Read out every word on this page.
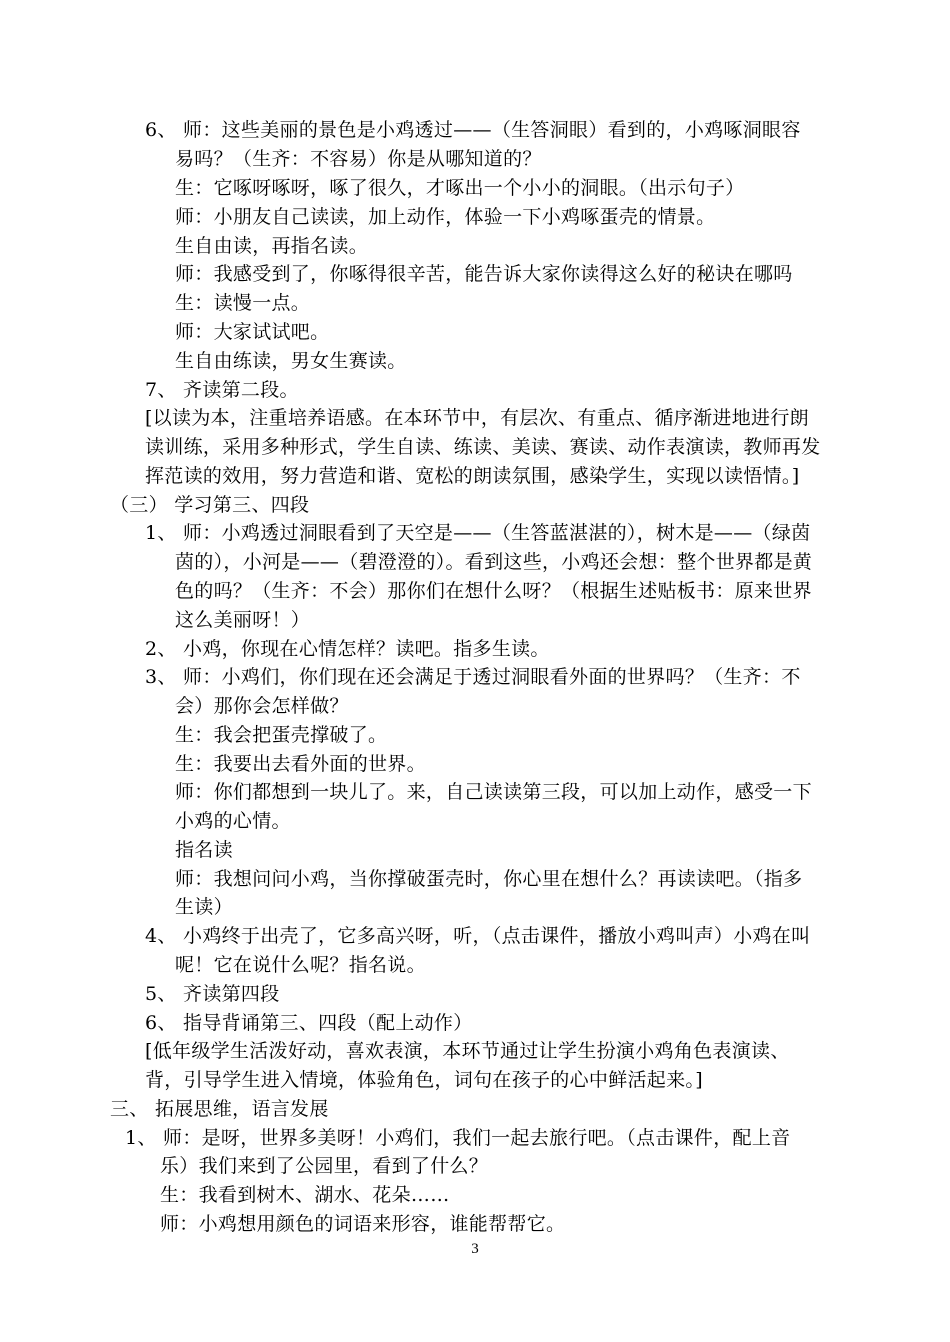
6、 师：这些美丽的景色是小鸡透过——（生答洞眼）看到的，小鸡啄洞眼容
易吗？（生齐：不容易）你是从哪知道的？
生：它啄呀啄呀，啄了很久，才啄出一个小小的洞眼。（出示句子）
师：小朋友自己读读，加上动作，体验一下小鸡啄蛋壳的情景。
生自由读，再指名读。
师：我感受到了，你啄得很辛苦，能告诉大家你读得这么好的秘诀在哪吗
生：读慢一点。
师：大家试试吧。
生自由练读，男女生赛读。
7、 齐读第二段。
[以读为本，注重培养语感。在本环节中，有层次、有重点、循序渐进地进行朗
读训练，采用多种形式，学生自读、练读、美读、赛读、动作表演读，教师再发
挥范读的效用，努力营造和谐、宽松的朗读氛围，感染学生，实现以读悟情。]
（三） 学习第三、四段
1、 师：小鸡透过洞眼看到了天空是——（生答蓝湛湛的），树木是——（绿茵
茵的），小河是——（碧澄澄的）。看到这些，小鸡还会想：整个世界都是黄
色的吗？（生齐：不会）那你们在想什么呀？（根据生述贴板书：原来世界
这么美丽呀！）
2、 小鸡，你现在心情怎样？读吧。指多生读。
3、 师：小鸡们，你们现在还会满足于透过洞眼看外面的世界吗？（生齐：不
会）那你会怎样做？
生：我会把蛋壳撑破了。
生：我要出去看外面的世界。
师：你们都想到一块儿了。来，自己读读第三段，可以加上动作，感受一下
小鸡的心情。
指名读
师：我想问问小鸡，当你撑破蛋壳时，你心里在想什么？再读读吧。（指多
生读）
4、 小鸡终于出壳了，它多高兴呀，听，（点击课件，播放小鸡叫声）小鸡在叫
呢！它在说什么呢？指名说。
5、 齐读第四段
6、 指导背诵第三、四段（配上动作）
[低年级学生活泼好动，喜欢表演，本环节通过让学生扮演小鸡角色表演读、
背，引导学生进入情境，体验角色，词句在孩子的心中鲜活起来。]
三、 拓展思维，语言发展
1、 师：是呀，世界多美呀！小鸡们，我们一起去旅行吧。（点击课件，配上音
乐）我们来到了公园里，看到了什么？
生：我看到树木、湖水、花朵……
师：小鸡想用颜色的词语来形容，谁能帮帮它。
3
